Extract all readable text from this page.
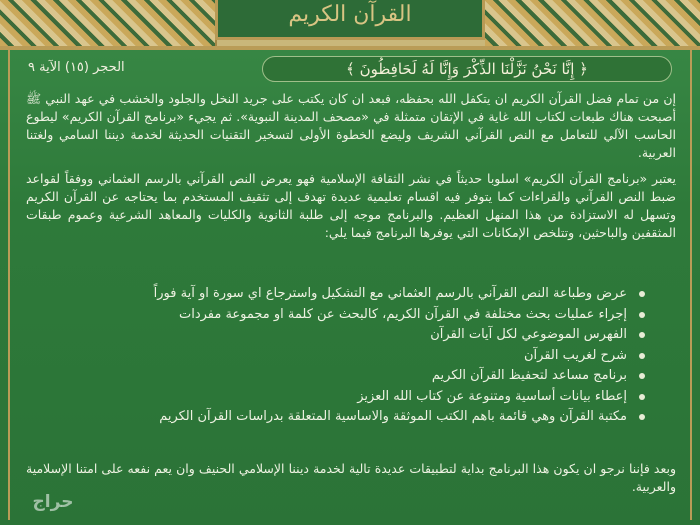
القرآن الكريم
﴿ إِنَّا نَحْنُ نَزَّلْنَا الذِّكْرَ وَإِنَّا لَهُ لَحَافِظُونَ ﴾
الحجر (١٥) الآية ٩

إن من تمام فضل القرآن الكريم ان يتكفل الله بحفظه، فبعد ان كان يكتب على جريد النخل والجلود والخشب في عهد النبي ﷺ أصبحت هناك طبعات لكتاب الله غاية في الإتقان متمثلة في «مصحف المدينة النبوية». ثم يجيء «برنامج القرآن الكريم» ليطوع الحاسب الآلي للتعامل مع النص القرآني الشريف وليضع الخطوة الأولى لتسخير التقنيات الحديثة لخدمة ديننا السامي ولغتنا العربية.

يعتبر «برنامج القرآن الكريم» اسلوبا حديثاً في نشر الثقافة الإسلامية فهو يعرض النص القرآني بالرسم العثماني ووفقاً لقواعد ضبط النص القرآني والقراءات كما يتوفر فيه اقسام تعليمية عديدة تهدف إلى تثقيف المستخدم بما يحتاجه عن القرآن الكريم وتسهل له الاستزادة من هذا المنهل العظيم. والبرنامج موجه إلى طلبة الثانوية والكليات والمعاهد الشرعية وعموم طبقات المثقفين والباحثين، وتتلخص الإمكانات التي يوفرها البرنامج فيما يلي:

عرض وطباعة النص القرآني بالرسم العثماني مع التشكيل واسترجاع اي سورة او آية فوراً
إجراء عمليات بحث مختلفة في القرآن الكريم، كالبحث عن كلمة او مجموعة مفردات
الفهرس الموضوعي لكل آيات القرآن
شرح لغريب القرآن
برنامج مساعد لتحفيظ القرآن الكريم
إعطاء بيانات أساسية ومتنوعة عن كتاب الله العزيز
مكتبة القرآن وهي قائمة باهم الكتب الموثقة والاساسية المتعلقة بدراسات القرآن الكريم

وبعد فإننا نرجو ان يكون هذا البرنامج بداية لتطبيقات عديدة تالية لخدمة ديننا الإسلامي الحنيف وان يعم نفعه على امتنا الإسلامية والعربية.

حراج
